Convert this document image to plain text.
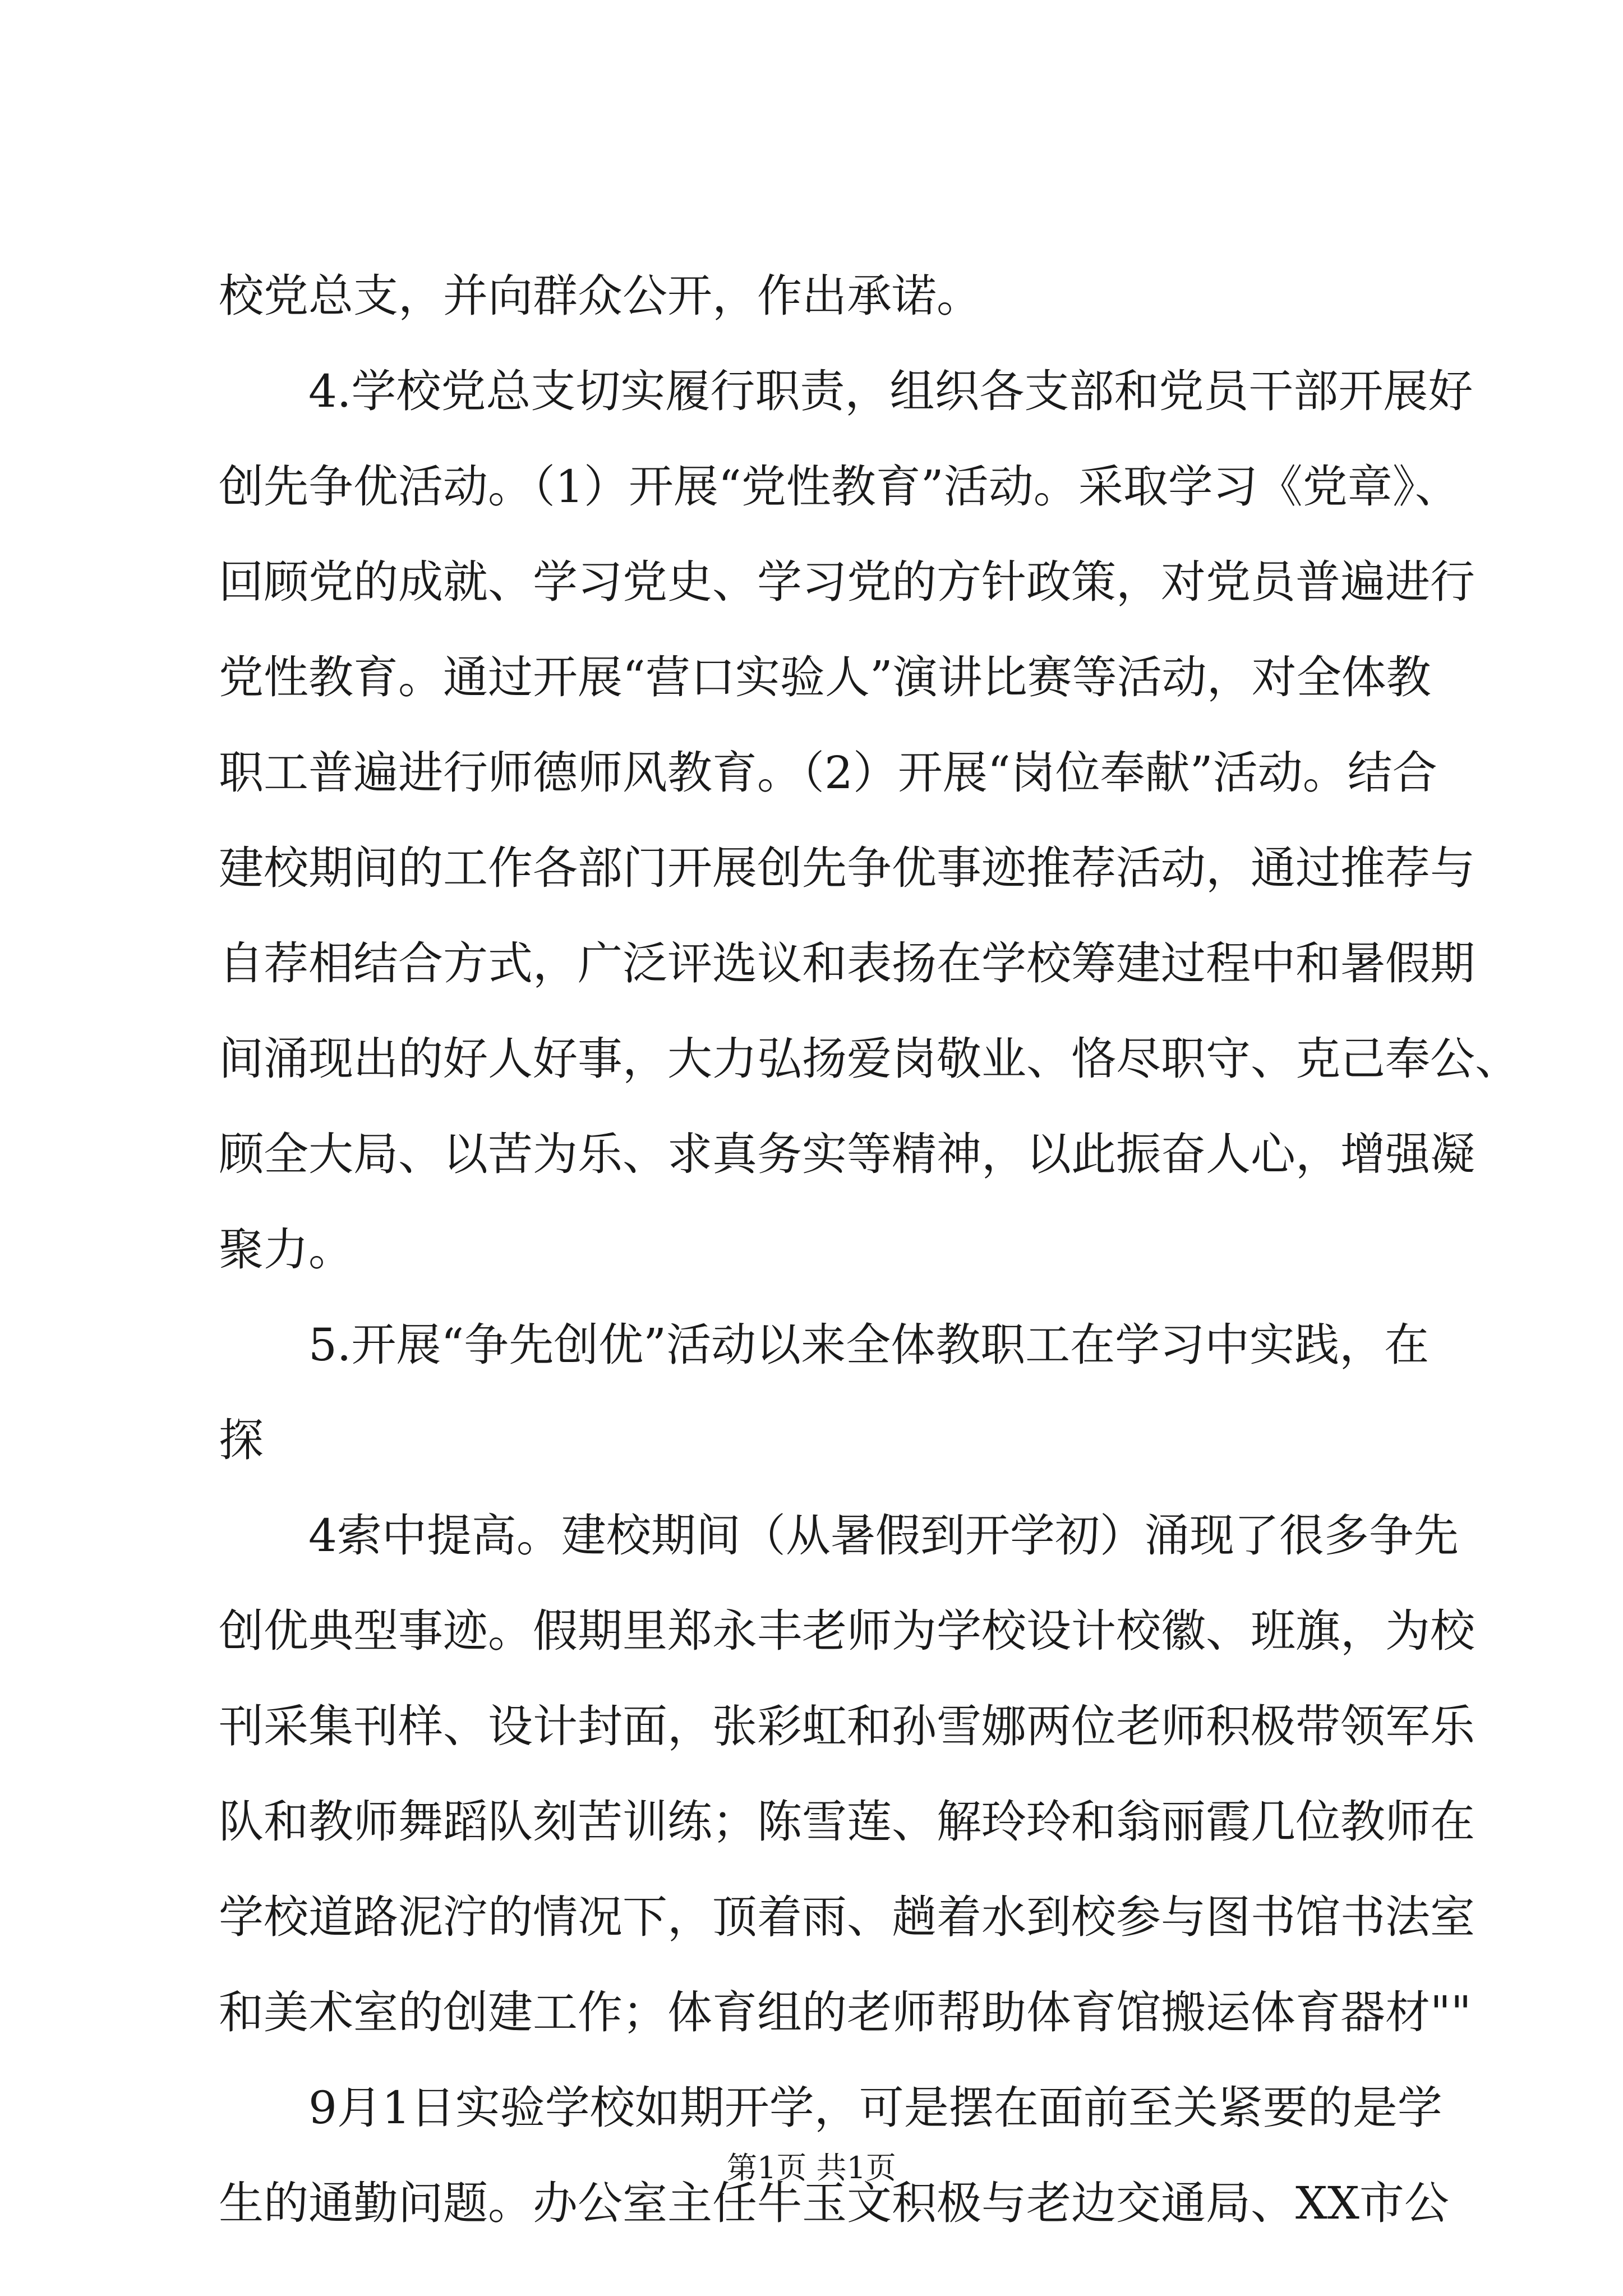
校党总支，并向群众公开，作出承诺。
4.学校党总支切实履行职责，组织各支部和党员干部开展好
创先争优活动。（1）开展“党性教育”活动。采取学习《党章》、
回顾党的成就、学习党史、学习党的方针政策，对党员普遍进行
党性教育。通过开展“营口实验人”演讲比赛等活动，对全体教
职工普遍进行师德师风教育。（2）开展“岗位奉献”活动。结合
建校期间的工作各部门开展创先争优事迹推荐活动，通过推荐与
自荐相结合方式，广泛评选议和表扬在学校筹建过程中和暑假期
间涌现出的好人好事，大力弘扬爱岗敬业、恪尽职守、克己奉公、
顾全大局、以苦为乐、求真务实等精神，以此振奋人心，增强凝
聚力。
5.开展“争先创优”活动以来全体教职工在学习中实践，在
探
4索中提高。建校期间（从暑假到开学初）涌现了很多争先
创优典型事迹。假期里郑永丰老师为学校设计校徽、班旗，为校
刊采集刊样、设计封面，张彩虹和孙雪娜两位老师积极带领军乐
队和教师舞蹈队刻苦训练；陈雪莲、解玲玲和翁丽霞几位教师在
学校道路泥泞的情况下，顶着雨、趟着水到校参与图书馆书法室
和美术室的创建工作；体育组的老师帮助体育馆搬运体育器材""
9月1日实验学校如期开学，可是摆在面前至关紧要的是学
生的通勤问题。办公室主任牛玉文积极与老边交通局、XX市公
第1页 共1页
